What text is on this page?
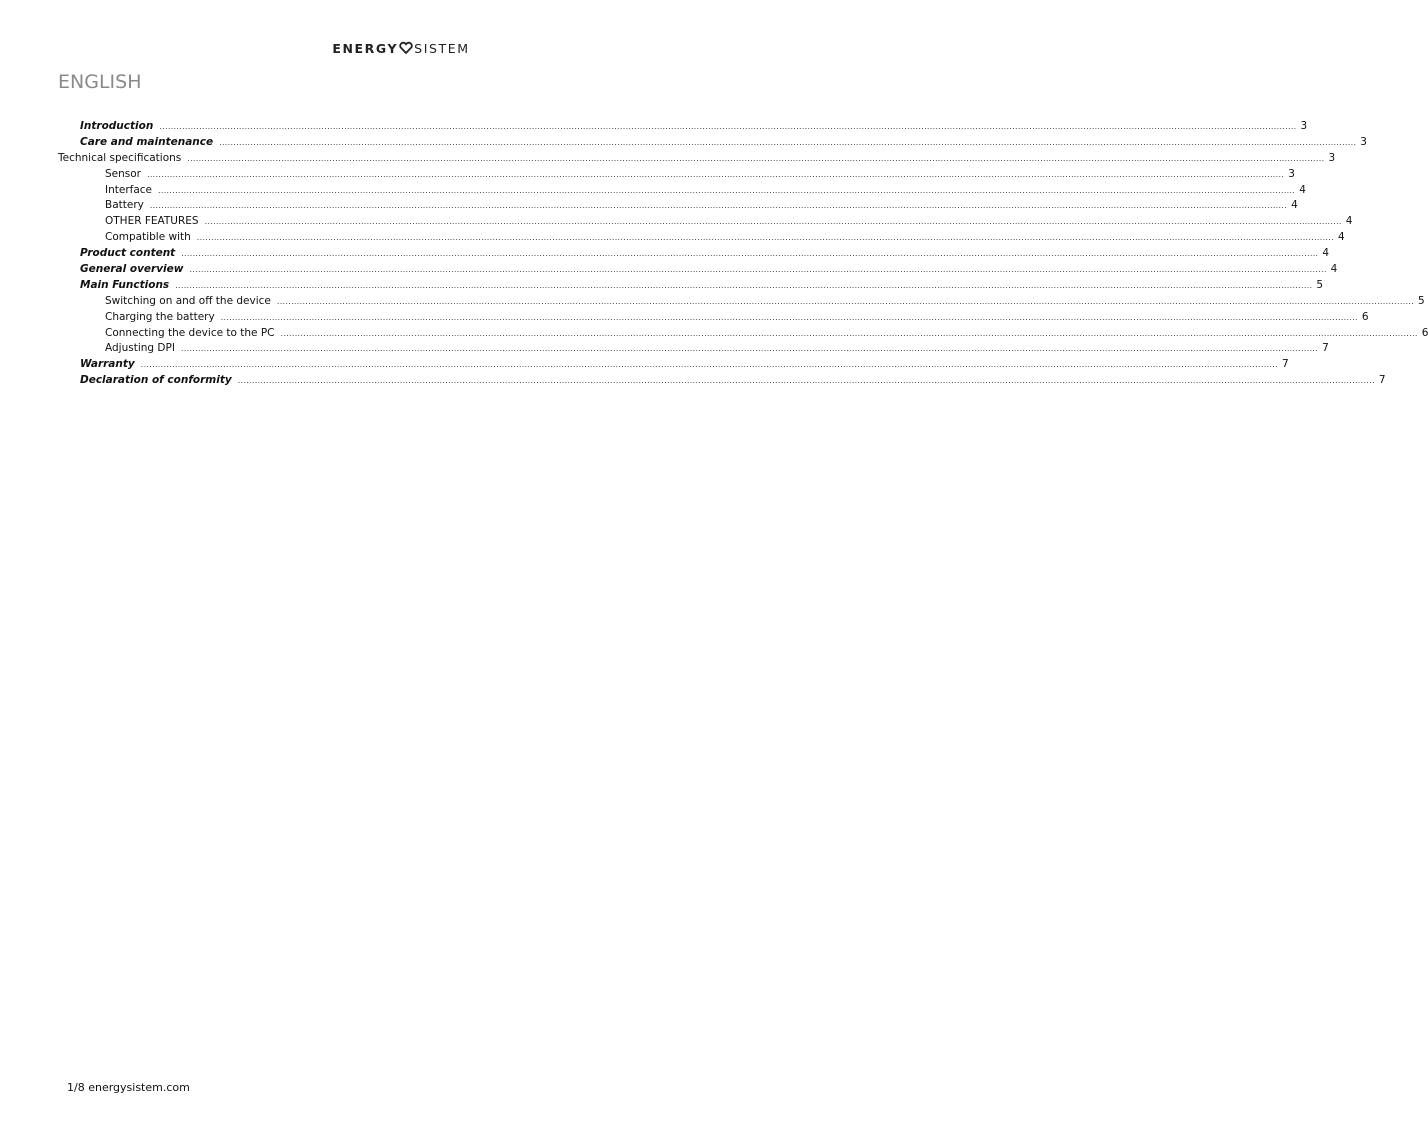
ENERGY SISTEM
ENGLISH
Introduction ................................................................................................................................................................................................................................................................................................................................................................................................................ 3
Care and maintenance ................................................................................................................................................................................................................................................................................................................................................................................................................ 3
Technical specifications ................................................................................................................................................................................................................................................................................................................................................................................................................ 3
Sensor ................................................................................................................................................................................................................................................................................................................................................................................................................ 3
Interface ................................................................................................................................................................................................................................................................................................................................................................................................................ 4
Battery ................................................................................................................................................................................................................................................................................................................................................................................................................ 4
OTHER FEATURES ................................................................................................................................................................................................................................................................................................................................................................................................................ 4
Compatible with ................................................................................................................................................................................................................................................................................................................................................................................................................ 4
Product content ................................................................................................................................................................................................................................................................................................................................................................................................................ 4
General overview ................................................................................................................................................................................................................................................................................................................................................................................................................ 4
Main Functions ................................................................................................................................................................................................................................................................................................................................................................................................................ 5
Switching on and off the device ................................................................................................................................................................................................................................................................................................................................................................................................................ 5
Charging the battery ................................................................................................................................................................................................................................................................................................................................................................................................................ 6
Connecting the device to the PC ................................................................................................................................................................................................................................................................................................................................................................................................................ 6
Adjusting DPI ................................................................................................................................................................................................................................................................................................................................................................................................................ 7
Warranty ................................................................................................................................................................................................................................................................................................................................................................................................................ 7
Declaration of conformity ................................................................................................................................................................................................................................................................................................................................................................................................................ 7
1/8 energysistem.com
